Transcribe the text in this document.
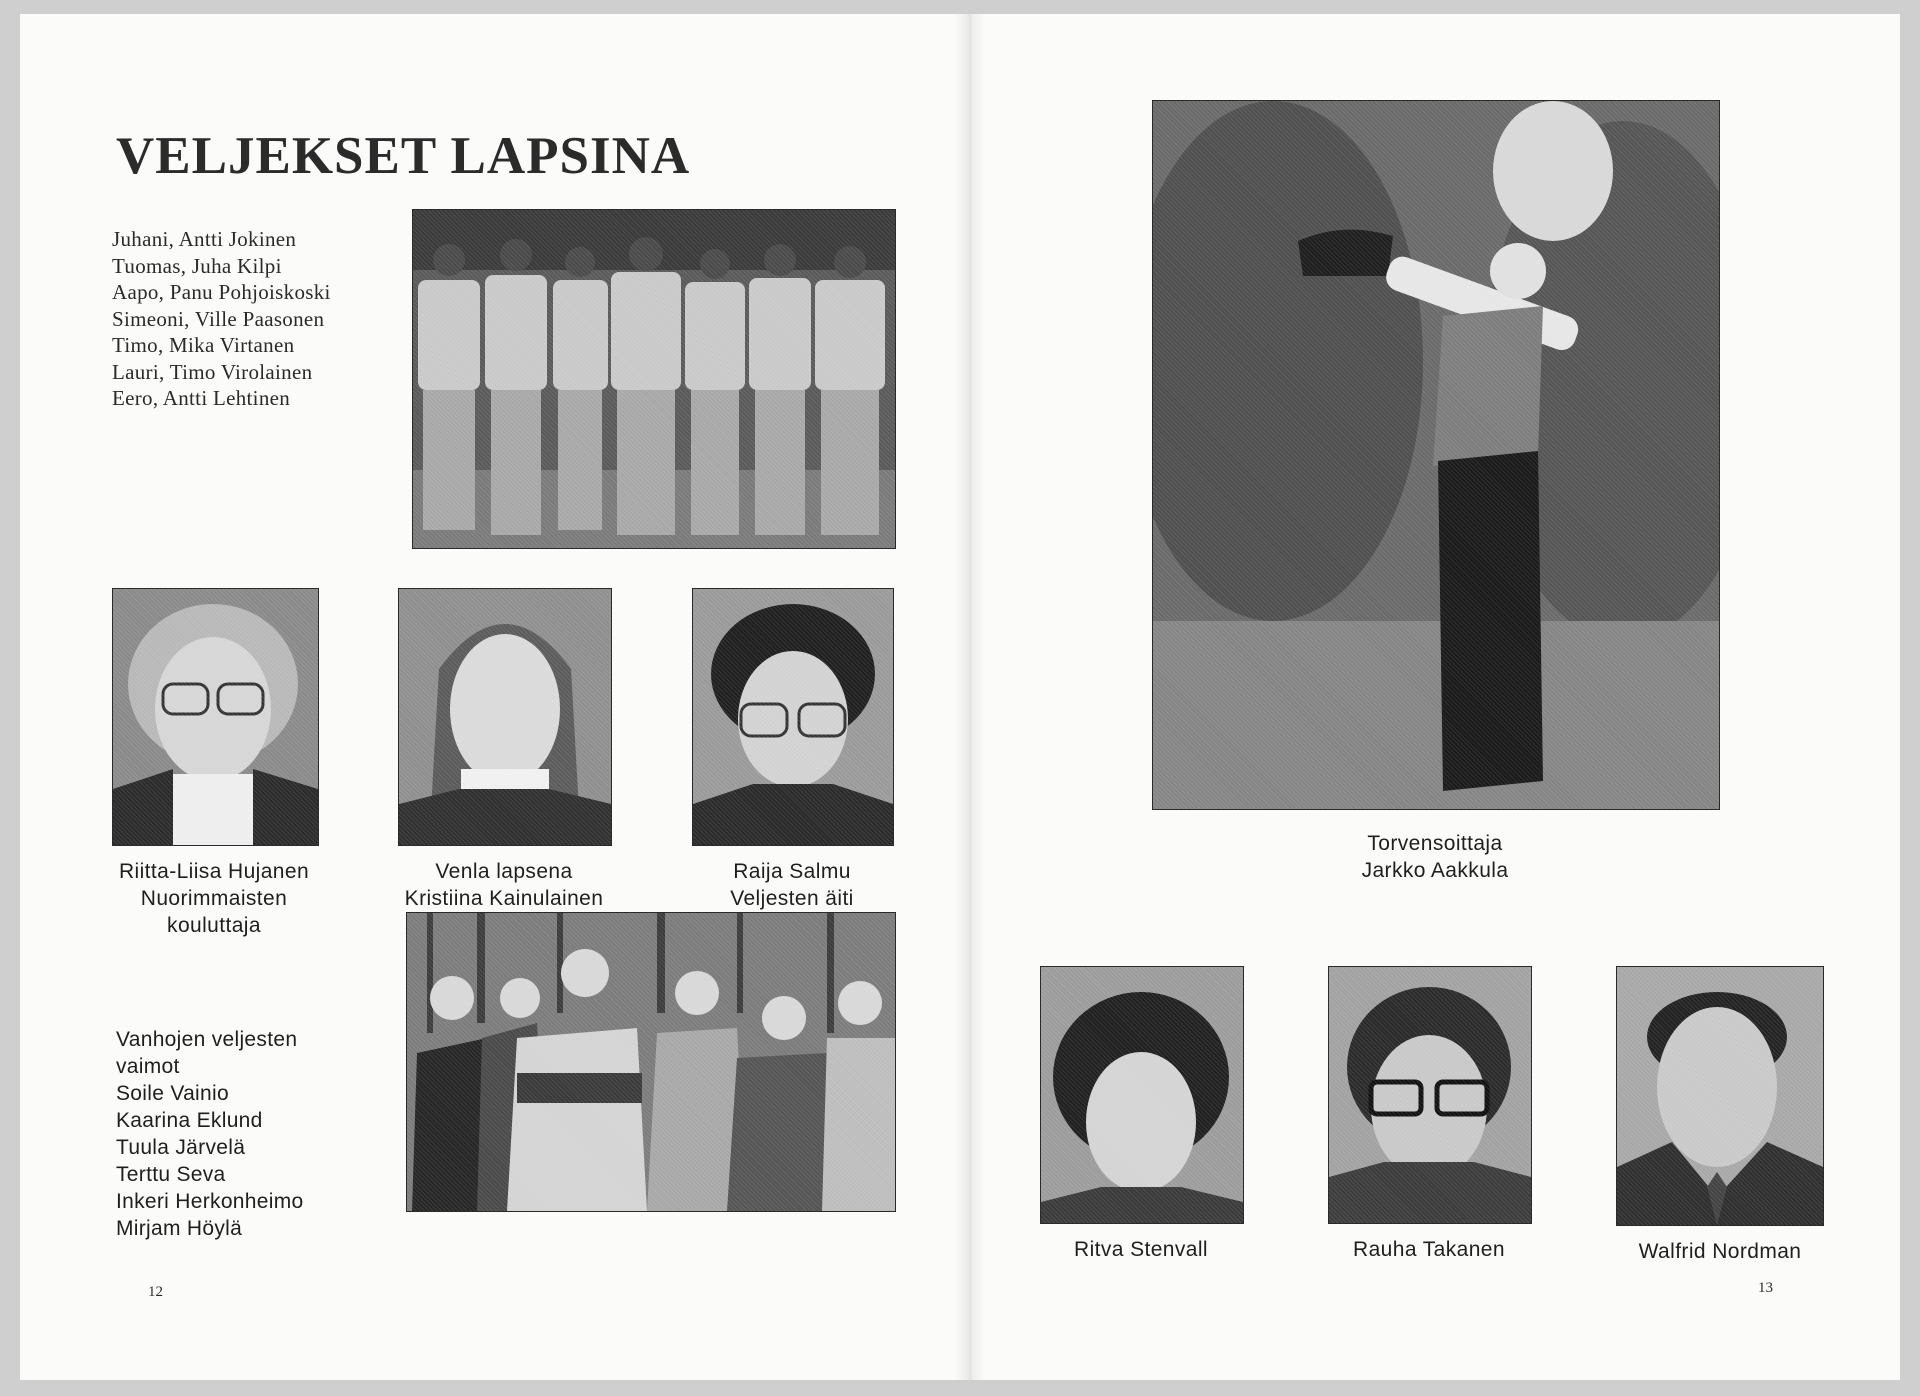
VELJEKSET LAPSINA
Juhani, Antti Jokinen
Tuomas, Juha Kilpi
Aapo, Panu Pohjoiskoski
Simeoni, Ville Paasonen
Timo, Mika Virtanen
Lauri, Timo Virolainen
Eero, Antti Lehtinen
Riitta-Liisa Hujanen
Nuorimmaisten
kouluttaja
Venla lapsena
Kristiina Kainulainen
Raija Salmu
Veljesten äiti
Vanhojen veljesten
vaimot
Soile Vainio
Kaarina Eklund
Tuula Järvelä
Terttu Seva
Inkeri Herkonheimo
Mirjam Höylä
12
Torvensoittaja
Jarkko Aakkula
Ritva Stenvall	Rauha Takanen	Walfrid Nordman
13
